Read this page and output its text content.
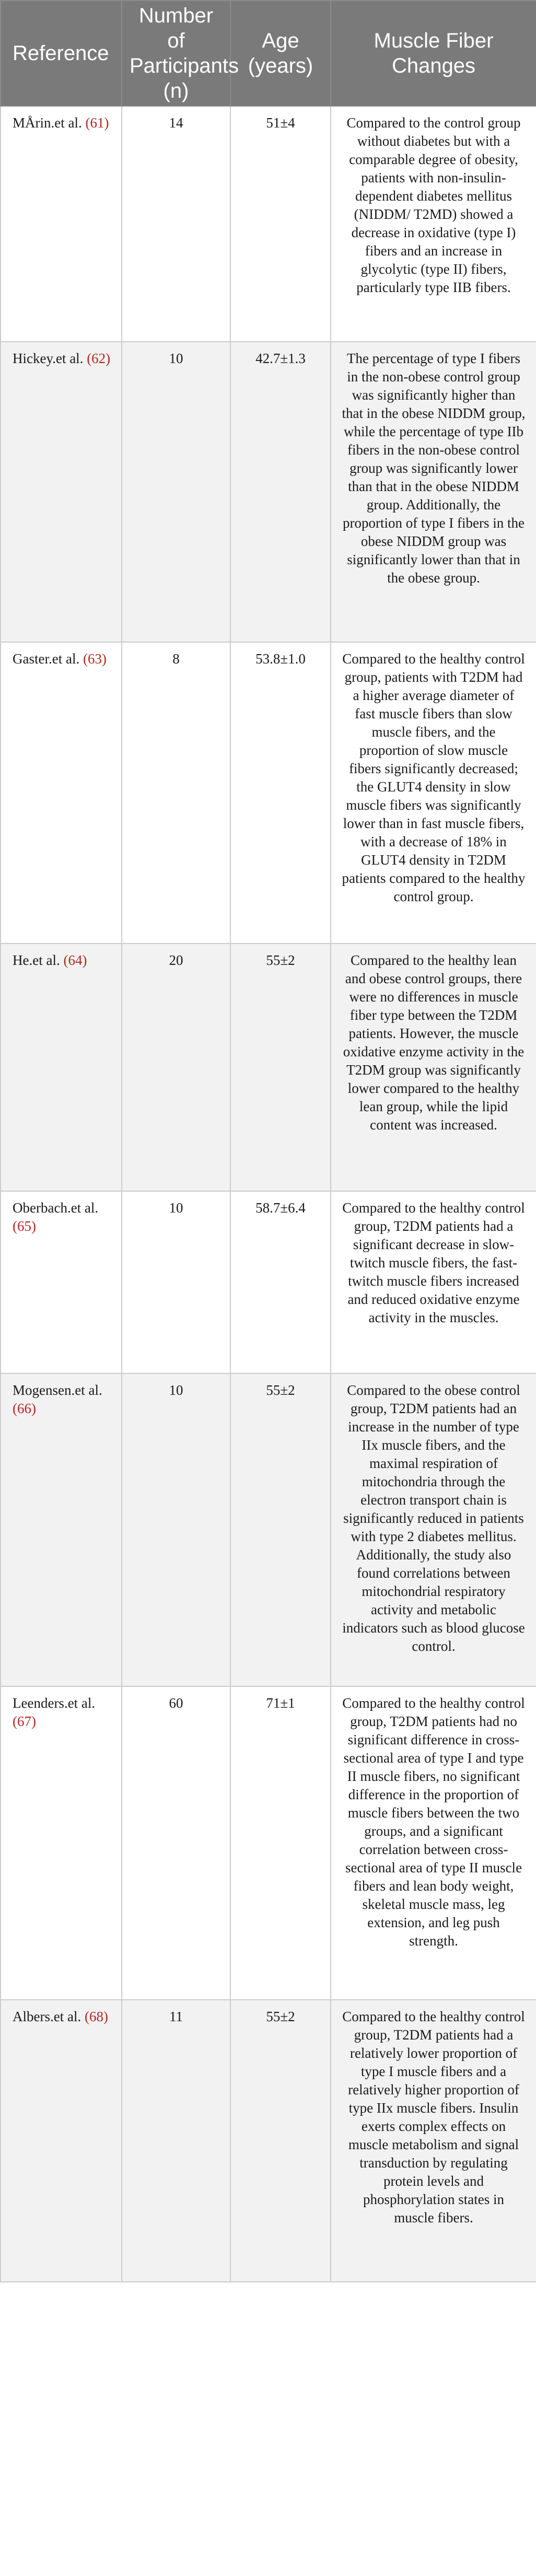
Reference	Number of Participants (n)	Age (years)	Muscle Fiber Changes
MÅrin.et al. (61)	14	51±4	Compared to the control group without diabetes but with a comparable degree of obesity, patients with non-insulin-dependent diabetes mellitus (NIDDM/ T2MD) showed a decrease in oxidative (type I) fibers and an increase in glycolytic (type II) fibers, particularly type IIB fibers.
Hickey.et al. (62)	10	42.7±1.3	The percentage of type I fibers in the non-obese control group was significantly higher than that in the obese NIDDM group, while the percentage of type IIb fibers in the non-obese control group was significantly lower than that in the obese NIDDM group. Additionally, the proportion of type I fibers in the obese NIDDM group was significantly lower than that in the obese group.
Gaster.et al. (63)	8	53.8±1.0	Compared to the healthy control group, patients with T2DM had a higher average diameter of fast muscle fibers than slow muscle fibers, and the proportion of slow muscle fibers significantly decreased; the GLUT4 density in slow muscle fibers was significantly lower than in fast muscle fibers, with a decrease of 18% in GLUT4 density in T2DM patients compared to the healthy control group.
He.et al. (64)	20	55±2	Compared to the healthy lean and obese control groups, there were no differences in muscle fiber type between the T2DM patients. However, the muscle oxidative enzyme activity in the T2DM group was significantly lower compared to the healthy lean group, while the lipid content was increased.
Oberbach.et al. (65)	10	58.7±6.4	Compared to the healthy control group, T2DM patients had a significant decrease in slow-twitch muscle fibers, the fast-twitch muscle fibers increased and reduced oxidative enzyme activity in the muscles.
Mogensen.et al. (66)	10	55±2	Compared to the obese control group, T2DM patients had an increase in the number of type IIx muscle fibers, and the maximal respiration of mitochondria through the electron transport chain is significantly reduced in patients with type 2 diabetes mellitus. Additionally, the study also found correlations between mitochondrial respiratory activity and metabolic indicators such as blood glucose control.
Leenders.et al. (67)	60	71±1	Compared to the healthy control group, T2DM patients had no significant difference in cross-sectional area of type I and type II muscle fibers, no significant difference in the proportion of muscle fibers between the two groups, and a significant correlation between cross-sectional area of type II muscle fibers and lean body weight, skeletal muscle mass, leg extension, and leg push strength.
Albers.et al. (68)	11	55±2	Compared to the healthy control group, T2DM patients had a relatively lower proportion of type I muscle fibers and a relatively higher proportion of type IIx muscle fibers. Insulin exerts complex effects on muscle metabolism and signal transduction by regulating protein levels and phosphorylation states in muscle fibers.
